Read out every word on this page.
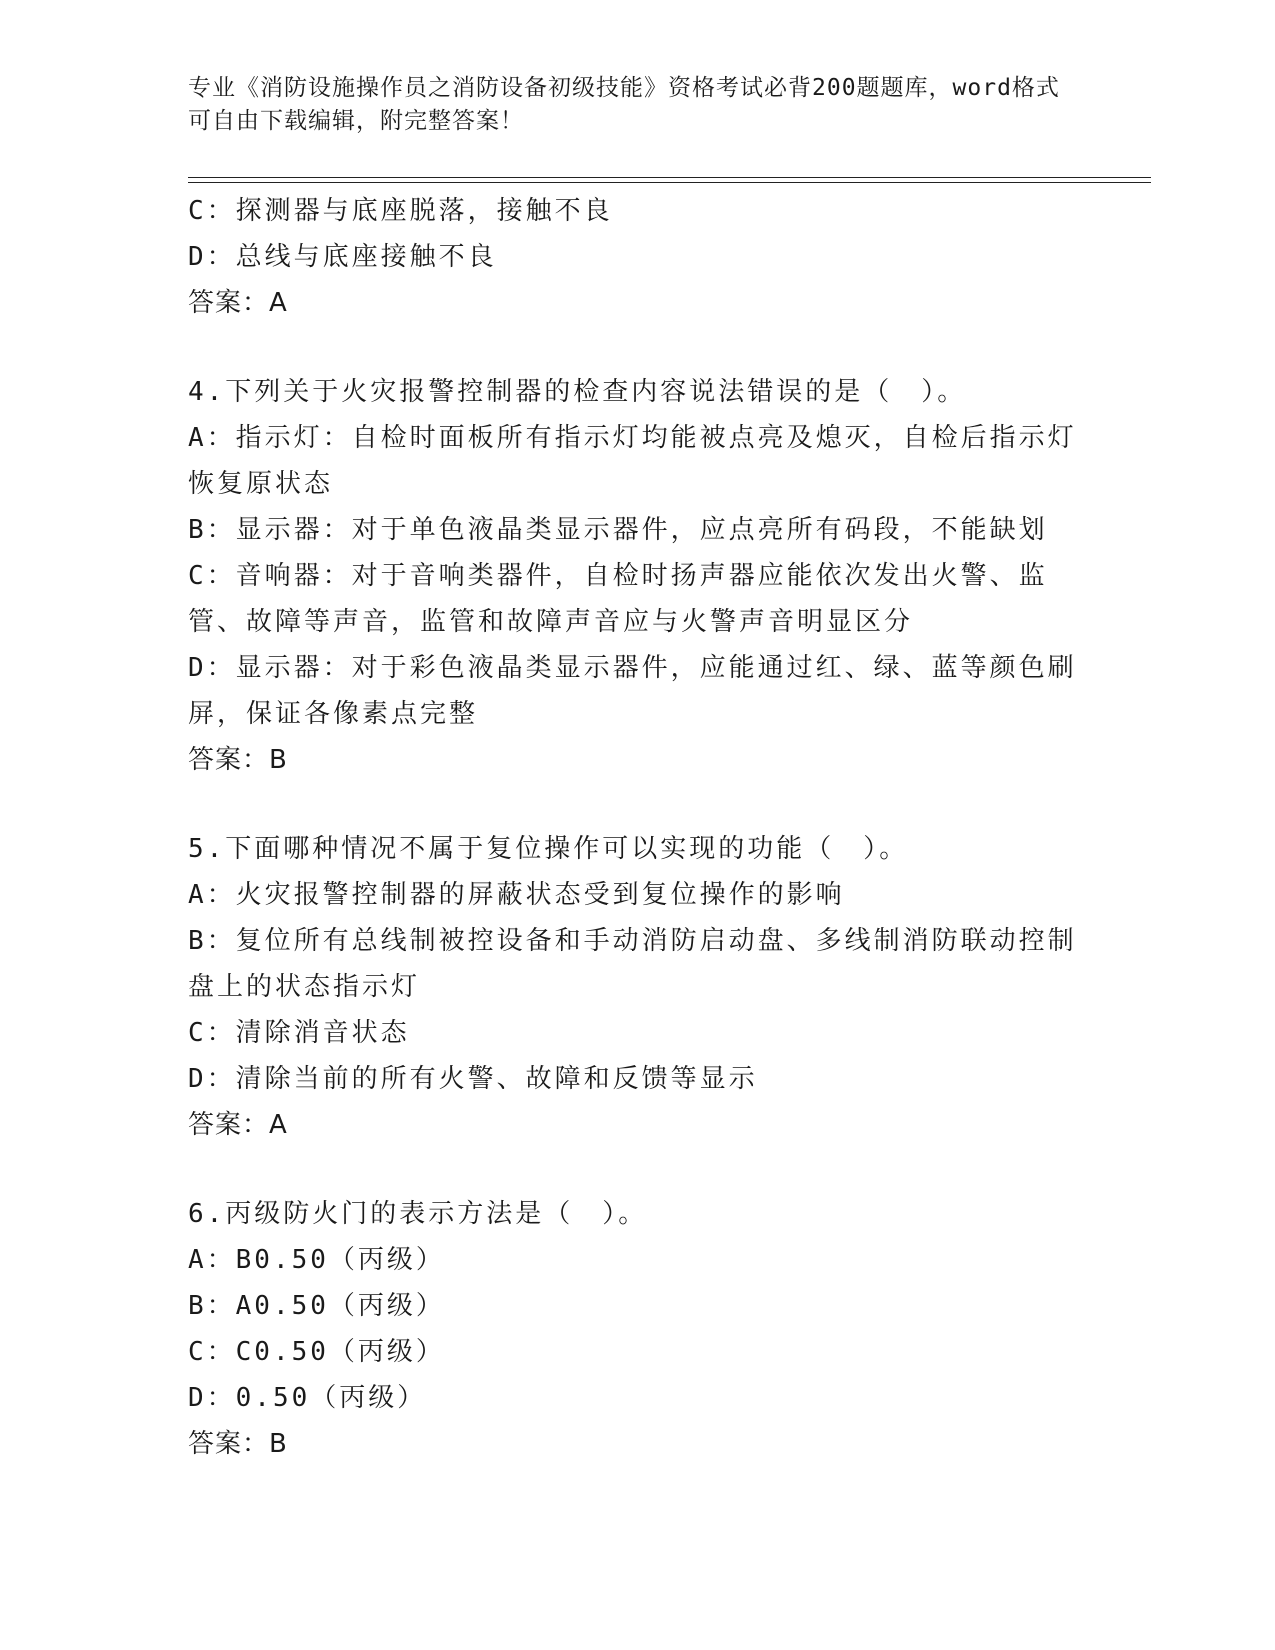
专业《消防设施操作员之消防设备初级技能》资格考试必背200题题库，word格式可自由下载编辑，附完整答案！

C：探测器与底座脱落，接触不良

D：总线与底座接触不良

答案：A

4.下列关于火灾报警控制器的检查内容说法错误的是（　）。

A：指示灯：自检时面板所有指示灯均能被点亮及熄灭，自检后指示灯恢复原状态

B：显示器：对于单色液晶类显示器件，应点亮所有码段，不能缺划

C：音响器：对于音响类器件，自检时扬声器应能依次发出火警、监管、故障等声音，监管和故障声音应与火警声音明显区分

D：显示器：对于彩色液晶类显示器件，应能通过红、绿、蓝等颜色刷屏，保证各像素点完整

答案：B

5.下面哪种情况不属于复位操作可以实现的功能（　）。

A：火灾报警控制器的屏蔽状态受到复位操作的影响

B：复位所有总线制被控设备和手动消防启动盘、多线制消防联动控制盘上的状态指示灯

C：清除消音状态

D：清除当前的所有火警、故障和反馈等显示

答案：A

6.丙级防火门的表示方法是（　）。

A：B0.50（丙级）

B：A0.50（丙级）

C：C0.50（丙级）

D：0.50（丙级）

答案：B
